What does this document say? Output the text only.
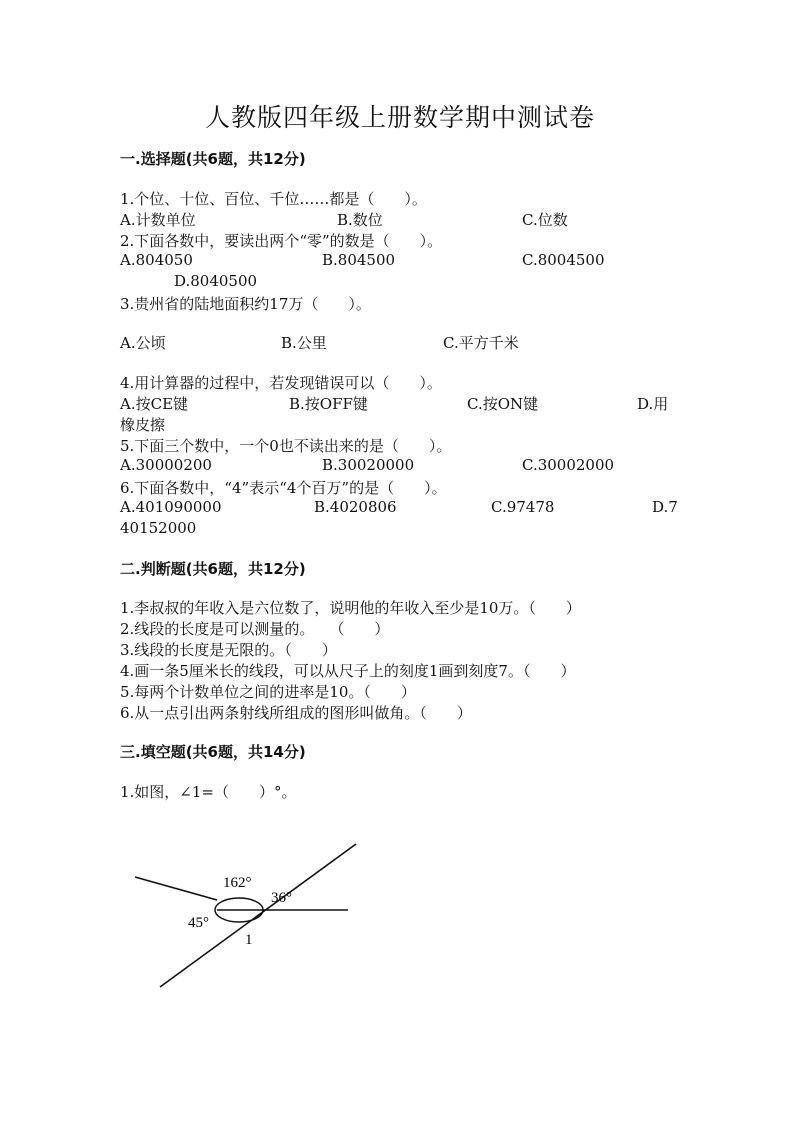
人教版四年级上册数学期中测试卷
一.选择题(共6题，共12分)
1.个位、十位、百位、千位……都是（　　）。
A.计数单位	B.数位	C.位数
2.下面各数中，要读出两个“零”的数是（　　）。
A.804050	B.804500	C.8004500
D.8040500
3.贵州省的陆地面积约17万（　　）。
A.公顷	B.公里	C.平方千米
4.用计算器的过程中，若发现错误可以（　　）。
A.按CE键	B.按OFF键	C.按ON键	D.用
橡皮擦
5.下面三个数中，一个0也不读出来的是（　　）。
A.30000200	B.30020000	C.30002000
6.下面各数中，“4”表示“4个百万”的是（　　）。
A.401090000	B.4020806	C.97478	D.7
40152000
二.判断题(共6题，共12分)
1.李叔叔的年收入是六位数了，说明他的年收入至少是10万。（　　）
2.线段的长度是可以测量的。　　（　　）
3.线段的长度是无限的。（　　）
4.画一条5厘米长的线段，可以从尺子上的刻度1画到刻度7。（　　）
5.每两个计数单位之间的进率是10。（　　）
6.从一点引出两条射线所组成的图形叫做角。（　　）
三.填空题(共6题，共14分)
1.如图，∠1=（　　）°。
162°
36°
45°
1
